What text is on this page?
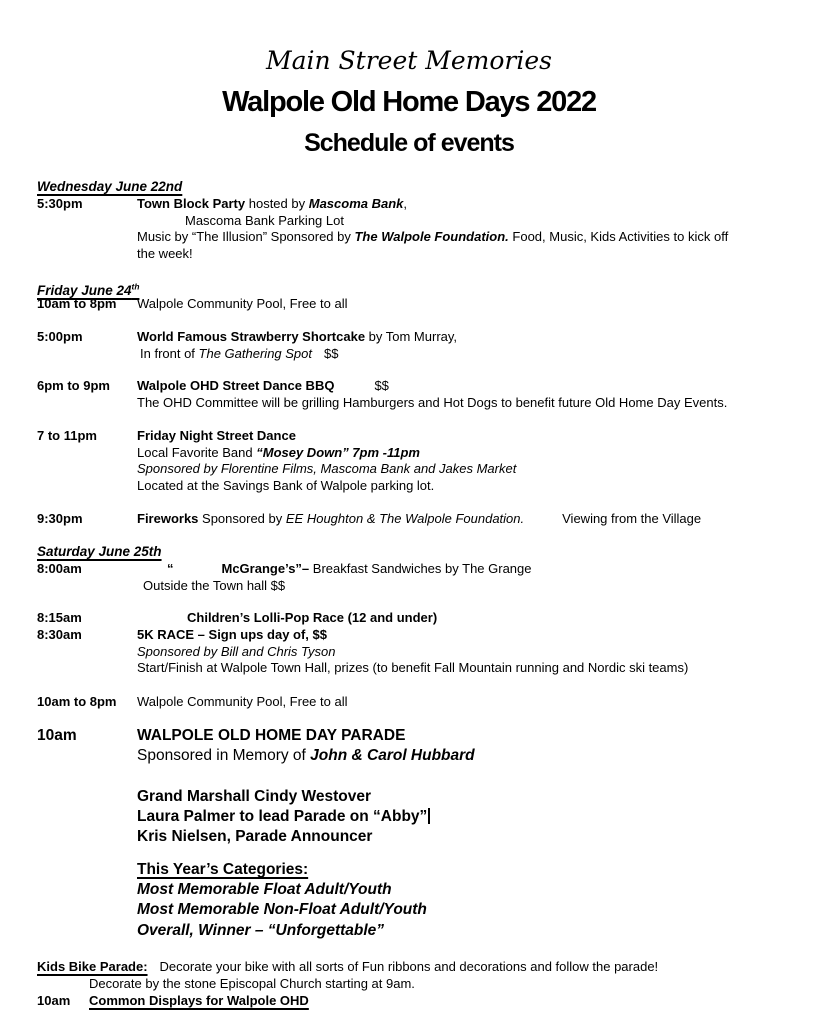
Main Street Memories
Walpole Old Home Days 2022
Schedule of events
Wednesday June 22nd
5:30pm	Town Block Party hosted by Mascoma Bank,
Mascoma Bank Parking Lot
Music by “The Illusion” Sponsored by The Walpole Foundation. Food, Music, Kids Activities to kick off
the week!
Friday June 24th
10am to 8pm	Walpole Community Pool, Free to all
5:00pm	World Famous Strawberry Shortcake by Tom Murray,
In front of The Gathering Spot $$
6pm to 9pm	Walpole OHD Street Dance BBQ	$$
The OHD Committee will be grilling Hamburgers and Hot Dogs to benefit future Old Home Day Events.
7 to 11pm	Friday Night Street Dance
Local Favorite Band “Mosey Down” 7pm -11pm
Sponsored by Florentine Films, Mascoma Bank and Jakes Market
Located at the Savings Bank of Walpole parking lot.
9:30pm	Fireworks Sponsored by EE Houghton & The Walpole Foundation.	Viewing from the Village
Saturday June 25th
8:00am	“	McGrange’s”– Breakfast Sandwiches by The Grange
Outside the Town hall $$
8:15am	Children’s Lolli-Pop Race (12 and under)
8:30am	5K RACE – Sign ups day of, $$
Sponsored by Bill and Chris Tyson
Start/Finish at Walpole Town Hall, prizes (to benefit Fall Mountain running and Nordic ski teams)
10am to 8pm	Walpole Community Pool, Free to all
10am	WALPOLE OLD HOME DAY PARADE
Sponsored in Memory of John & Carol Hubbard
Grand Marshall Cindy Westover
Laura Palmer to lead Parade on “Abby”
Kris Nielsen, Parade Announcer
This Year’s Categories:
Most Memorable Float Adult/Youth
Most Memorable Non-Float Adult/Youth
Overall, Winner – “Unforgettable”
Kids Bike Parade: Decorate your bike with all sorts of Fun ribbons and decorations and follow the parade!
Decorate by the stone Episcopal Church starting at 9am.
10am	Common Displays for Walpole OHD
